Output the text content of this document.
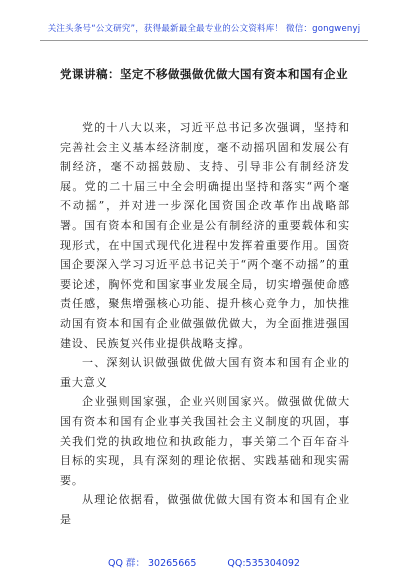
关注头条号“公文研究”，获得最新最全最专业的公文资料库！ 微信：gongwenyj
党课讲稿：坚定不移做强做优做大国有资本和国有企业

党的十八大以来，习近平总书记多次强调，坚持和完善社会主义基本经济制度，毫不动摇巩固和发展公有制经济，毫不动摇鼓励、支持、引导非公有制经济发展。党的二十届三中全会明确提出坚持和落实“两个毫不动摇”，并对进一步深化国资国企改革作出战略部署。国有资本和国有企业是公有制经济的重要载体和实现形式，在中国式现代化进程中发挥着重要作用。国资国企要深入学习习近平总书记关于“两个毫不动摇”的重要论述，胸怀党和国家事业发展全局，切实增强使命感责任感，聚焦增强核心功能、提升核心竞争力，加快推动国有资本和国有企业做强做优做大，为全面推进强国建设、民族复兴伟业提供战略支撑。

一、深刻认识做强做优做大国有资本和国有企业的重大意义

企业强则国家强，企业兴则国家兴。做强做优做大国有资本和国有企业事关我国社会主义制度的巩固，事关我们党的执政地位和执政能力，事关第二个百年奋斗目标的实现，具有深刻的理论依据、实践基础和现实需要。

从理论依据看，做强做优做大国有资本和国有企业是

QQ 群： 30265665	QQ:535304092
